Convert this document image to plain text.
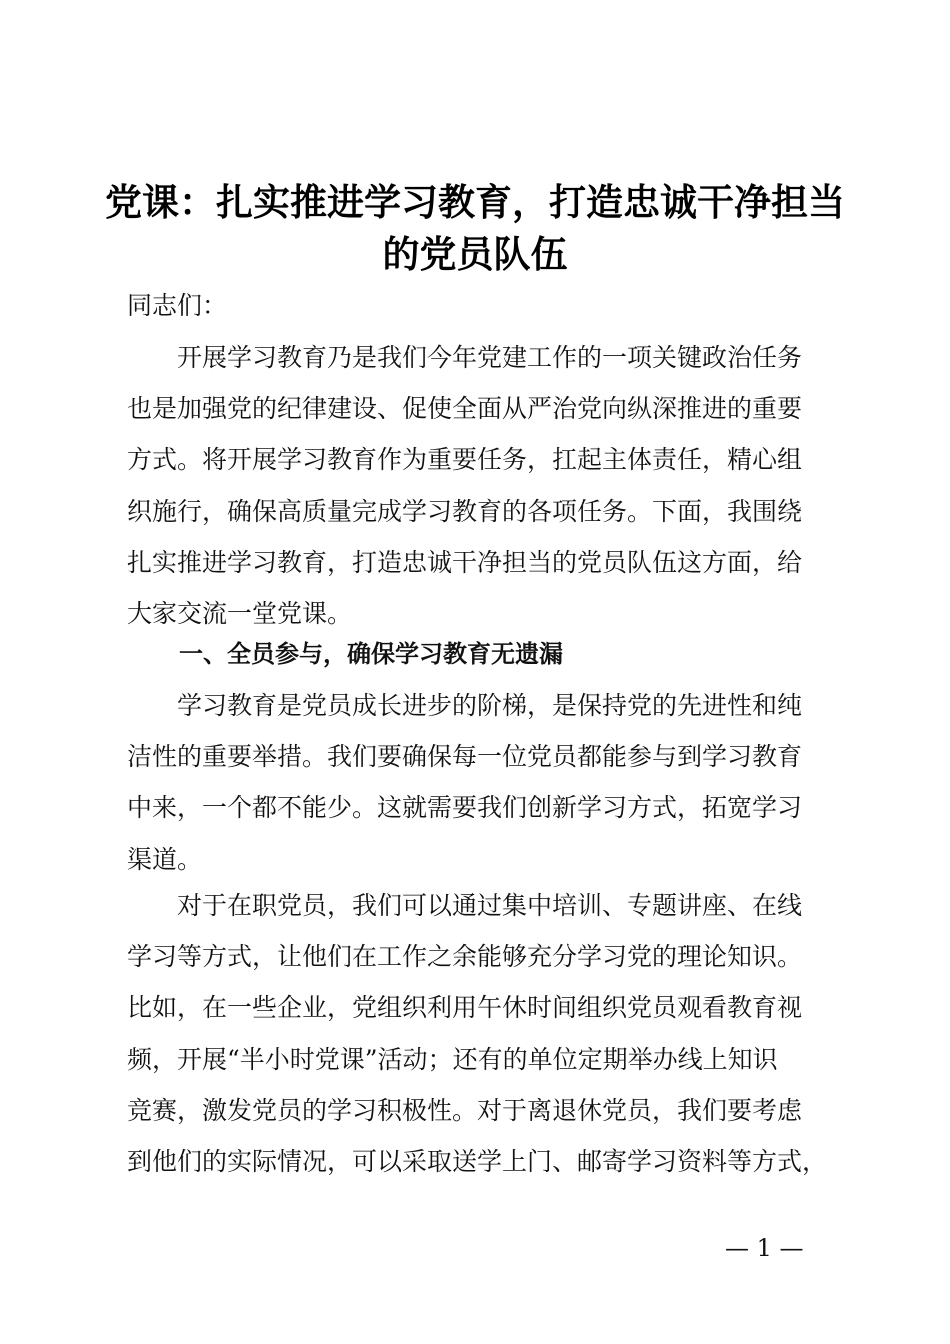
党课：扎实推进学习教育，打造忠诚干净担当
的党员队伍

同志们：

　　开展学习教育乃是我们今年党建工作的一项关键政治任务
也是加强党的纪律建设、促使全面从严治党向纵深推进的重要
方式。将开展学习教育作为重要任务，扛起主体责任，精心组
织施行，确保高质量完成学习教育的各项任务。下面，我围绕
扎实推进学习教育，打造忠诚干净担当的党员队伍这方面，给
大家交流一堂党课。

一、全员参与，确保学习教育无遗漏

　　学习教育是党员成长进步的阶梯，是保持党的先进性和纯
洁性的重要举措。我们要确保每一位党员都能参与到学习教育
中来，一个都不能少。这就需要我们创新学习方式，拓宽学习
渠道。

　　对于在职党员，我们可以通过集中培训、专题讲座、在线
学习等方式，让他们在工作之余能够充分学习党的理论知识。
比如，在一些企业，党组织利用午休时间组织党员观看教育视
频，开展“半小时党课”活动；还有的单位定期举办线上知识
竞赛，激发党员的学习积极性。对于离退休党员，我们要考虑
到他们的实际情况，可以采取送学上门、邮寄学习资料等方式，

— 1 —
